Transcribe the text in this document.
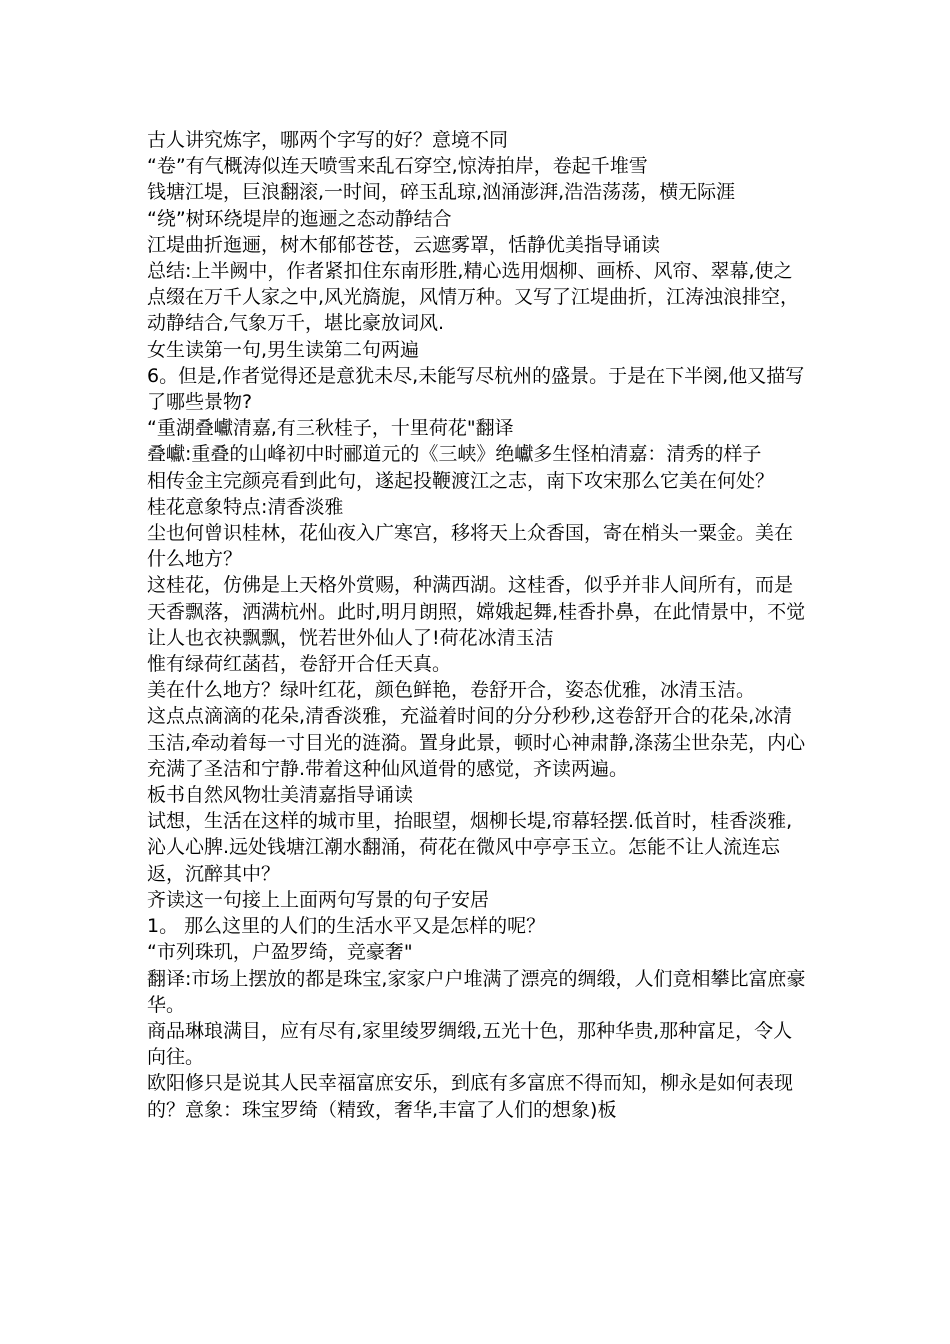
古人讲究炼字，哪两个字写的好？意境不同

“卷”有气概涛似连天喷雪来乱石穿空,惊涛拍岸，卷起千堆雪

钱塘江堤，巨浪翻滚,一时间，碎玉乱琼,汹涌澎湃,浩浩荡荡，横无际涯

“绕”树环绕堤岸的迤逦之态动静结合

江堤曲折迤逦，树木郁郁苍苍，云遮雾罩，恬静优美指导诵读

总结:上半阙中，作者紧扣住东南形胜,精心选用烟柳、画桥、风帘、翠幕,使之点缀在万千人家之中,风光旖旎，风情万种。又写了江堤曲折，江涛浊浪排空，动静结合,气象万千，堪比豪放词风.

女生读第一句,男生读第二句两遍

6。但是,作者觉得还是意犹未尽,未能写尽杭州的盛景。于是在下半阕,他又描写了哪些景物?

“重湖叠巘清嘉,有三秋桂子，十里荷花"翻译

叠巘:重叠的山峰初中时郦道元的《三峡》绝巘多生怪柏清嘉：清秀的样子

相传金主完颜亮看到此句，遂起投鞭渡江之志，南下攻宋那么它美在何处？

桂花意象特点:清香淡雅

尘也何曾识桂林，花仙夜入广寒宫，移将天上众香国，寄在梢头一粟金。美在什么地方？

这桂花，仿佛是上天格外赏赐，种满西湖。这桂香，似乎并非人间所有，而是天香飘落，洒满杭州。此时,明月朗照，嫦娥起舞,桂香扑鼻，在此情景中，不觉让人也衣袂飘飘，恍若世外仙人了!荷花冰清玉洁

惟有绿荷红菡萏，卷舒开合任天真。

美在什么地方？绿叶红花，颜色鲜艳，卷舒开合，姿态优雅，冰清玉洁。

这点点滴滴的花朵,清香淡雅，充溢着时间的分分秒秒,这卷舒开合的花朵,冰清玉洁,牵动着每一寸目光的涟漪。置身此景，顿时心神肃静,涤荡尘世杂芜，内心充满了圣洁和宁静.带着这种仙风道骨的感觉，齐读两遍。

板书自然风物壮美清嘉指导诵读

试想，生活在这样的城市里，抬眼望，烟柳长堤,帘幕轻摆.低首时，桂香淡雅,沁人心脾.远处钱塘江潮水翻涌，荷花在微风中亭亭玉立。怎能不让人流连忘返，沉醉其中？

齐读这一句接上上面两句写景的句子安居

1。 那么这里的人们的生活水平又是怎样的呢？

“市列珠玑，户盈罗绮，竞豪奢"

翻译:市场上摆放的都是珠宝,家家户户堆满了漂亮的绸缎，人们竟相攀比富庶豪华。

商品琳琅满目，应有尽有,家里绫罗绸缎,五光十色，那种华贵,那种富足，令人向往。

欧阳修只是说其人民幸福富庶安乐，到底有多富庶不得而知，柳永是如何表现的？意象：珠宝罗绮（精致，奢华,丰富了人们的想象)板
